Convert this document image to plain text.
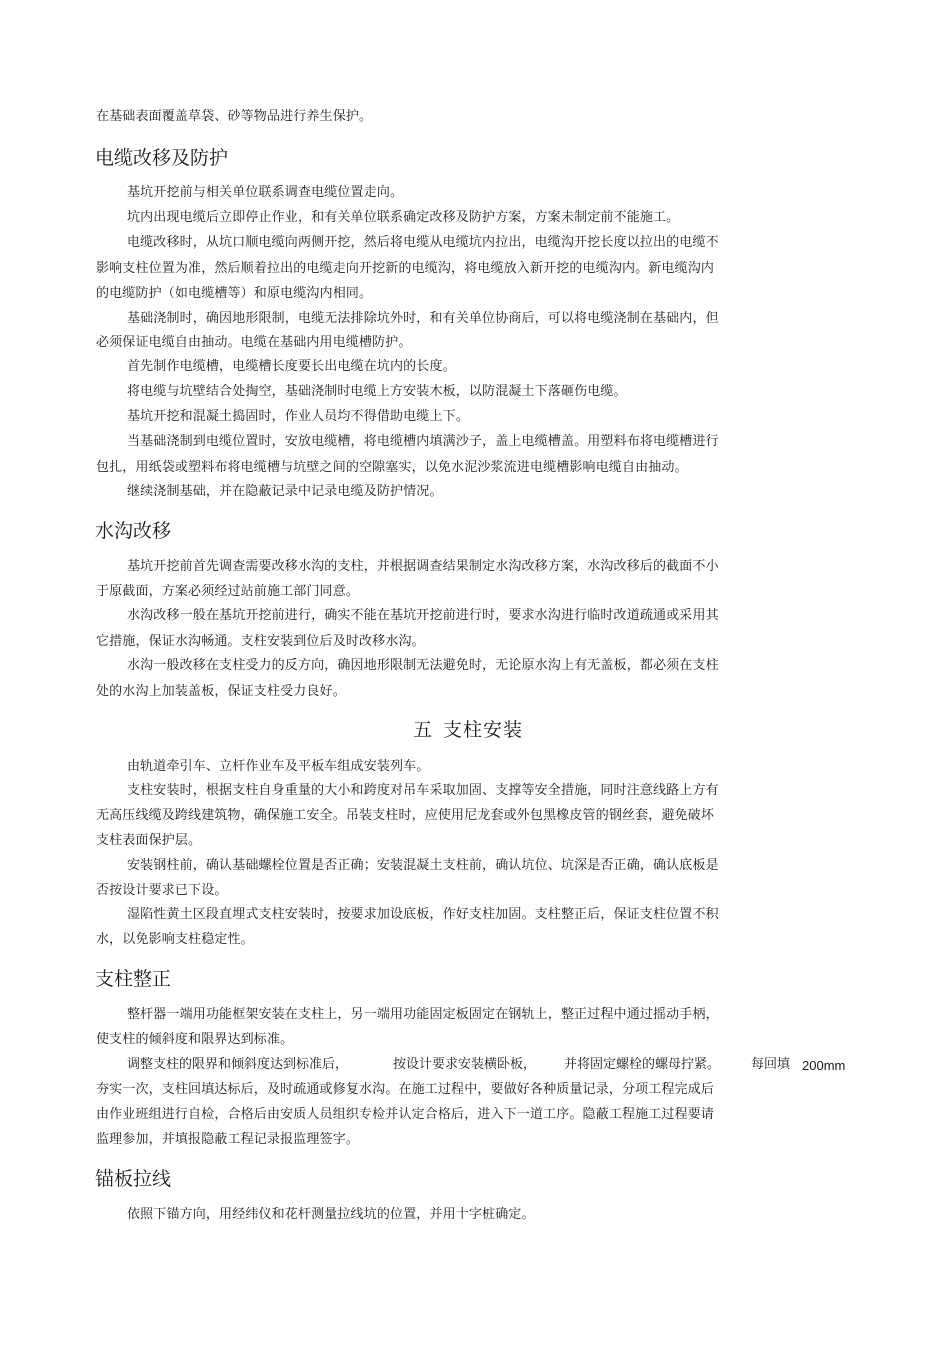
在基础表面覆盖草袋、砂等物品进行养生保护。
电缆改移及防护
基坑开挖前与相关单位联系调查电缆位置走向。
坑内出现电缆后立即停止作业，和有关单位联系确定改移及防护方案，方案未制定前不能施工。
电缆改移时，从坑口顺电缆向两侧开挖，然后将电缆从电缆坑内拉出，电缆沟开挖长度以拉出的电缆不
影响支柱位置为准，然后顺着拉出的电缆走向开挖新的电缆沟，将电缆放入新开挖的电缆沟内。新电缆沟内
的电缆防护（如电缆槽等）和原电缆沟内相同。
基础浇制时，确因地形限制，电缆无法排除坑外时，和有关单位协商后，可以将电缆浇制在基础内，但
必须保证电缆自由抽动。电缆在基础内用电缆槽防护。
首先制作电缆槽，电缆槽长度要长出电缆在坑内的长度。
将电缆与坑壁结合处掏空，基础浇制时电缆上方安装木板，以防混凝土下落砸伤电缆。
基坑开挖和混凝土捣固时，作业人员均不得借助电缆上下。
当基础浇制到电缆位置时，安放电缆槽，将电缆槽内填满沙子，盖上电缆槽盖。用塑料布将电缆槽进行
包扎，用纸袋或塑料布将电缆槽与坑壁之间的空隙塞实，以免水泥沙浆流进电缆槽影响电缆自由抽动。
继续浇制基础，并在隐蔽记录中记录电缆及防护情况。
水沟改移
基坑开挖前首先调查需要改移水沟的支柱，并根据调查结果制定水沟改移方案，水沟改移后的截面不小
于原截面，方案必须经过站前施工部门同意。
水沟改移一般在基坑开挖前进行，确实不能在基坑开挖前进行时，要求水沟进行临时改道疏通或采用其
它措施，保证水沟畅通。支柱安装到位后及时改移水沟。
水沟一般改移在支柱受力的反方向，确因地形限制无法避免时，无论原水沟上有无盖板，都必须在支柱
处的水沟上加装盖板，保证支柱受力良好。
五 支柱安装
由轨道牵引车、立杆作业车及平板车组成安装列车。
支柱安装时，根据支柱自身重量的大小和跨度对吊车采取加固、支撑等安全措施，同时注意线路上方有
无高压线缆及跨线建筑物，确保施工安全。吊装支柱时，应使用尼龙套或外包黑橡皮管的钢丝套，避免破坏
支柱表面保护层。
安装钢柱前，确认基础螺栓位置是否正确；安装混凝土支柱前，确认坑位、坑深是否正确，确认底板是
否按设计要求已下设。
湿陷性黄土区段直埋式支柱安装时，按要求加设底板，作好支柱加固。支柱整正后，保证支柱位置不积
水，以免影响支柱稳定性。
支柱整正
整杆器一端用功能框架安装在支柱上，另一端用功能固定板固定在钢轨上，整正过程中通过摇动手柄，
使支柱的倾斜度和限界达到标准。
调整支柱的限界和倾斜度达到标准后，	按设计要求安装横卧板， 并将固定螺栓的螺母拧紧。 每回填 200mm
夯实一次，支柱回填达标后，及时疏通或修复水沟。在施工过程中，要做好各种质量记录，分项工程完成后
由作业班组进行自检，合格后由安质人员组织专检并认定合格后，进入下一道工序。隐蔽工程施工过程要请
监理参加，并填报隐蔽工程记录报监理签字。
锚板拉线
依照下锚方向，用经纬仪和花杆测量拉线坑的位置，并用十字桩确定。
